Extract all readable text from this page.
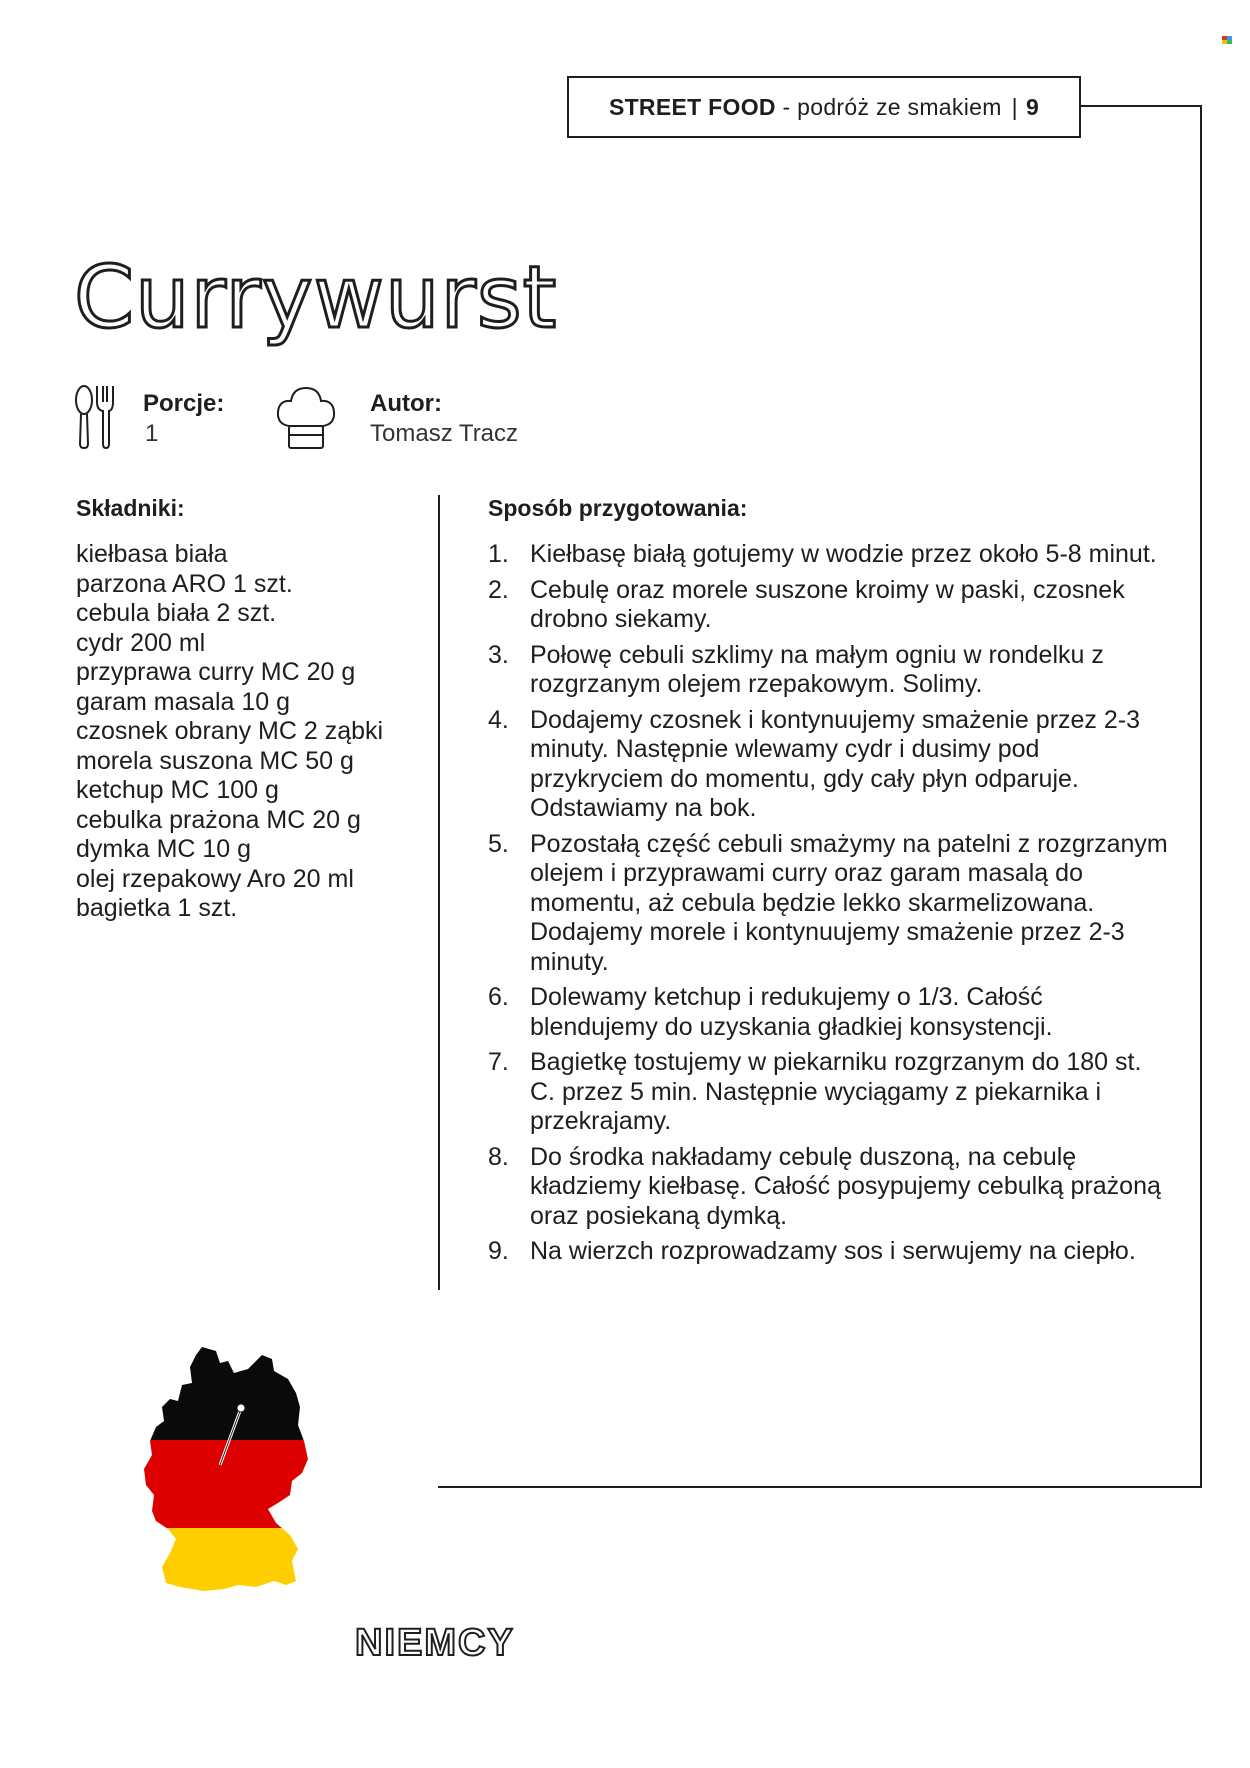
STREET FOOD - podróż ze smakiem | 9
Currywurst
Porcje:
1
Autor:
Tomasz Tracz
Składniki:
kiełbasa biała
parzona ARO 1 szt.
cebula biała 2 szt.
cydr 200 ml
przyprawa curry MC 20 g
garam masala 10 g
czosnek obrany MC 2 ząbki
morela suszona MC 50 g
ketchup MC 100 g
cebulka prażona MC 20 g
dymka MC 10 g
olej rzepakowy Aro 20 ml
bagietka 1 szt.
Sposób przygotowania:
1. Kiełbasę białą gotujemy w wodzie przez około 5-8 minut.
2. Cebulę oraz morele suszone kroimy w paski, czosnek drobno siekamy.
3. Połowę cebuli szklimy na małym ogniu w rondelku z rozgrzanym olejem rzepakowym. Solimy.
4. Dodajemy czosnek i kontynuujemy smażenie przez 2-3 minuty. Następnie wlewamy cydr i dusimy pod przykryciem do momentu, gdy cały płyn odparuje. Odstawiamy na bok.
5. Pozostałą część cebuli smażymy na patelni z rozgrzanym olejem i przyprawami curry oraz garam masalą do momentu, aż cebula będzie lekko skarmelizowana. Dodajemy morele i kontynuujemy smażenie przez 2-3 minuty.
6. Dolewamy ketchup i redukujemy o 1/3. Całość blendujemy do uzyskania gładkiej konsystencji.
7. Bagietkę tostujemy w piekarniku rozgrzanym do 180 st. C. przez 5 min. Następnie wyciągamy z piekarnika i przekrajamy.
8. Do środka nakładamy cebulę duszoną, na cebulę kładziemy kiełbasę. Całość posypujemy cebulką prażoną oraz posiekaną dymką.
9. Na wierzch rozprowadzamy sos i serwujemy na ciepło.
NIEMCY
